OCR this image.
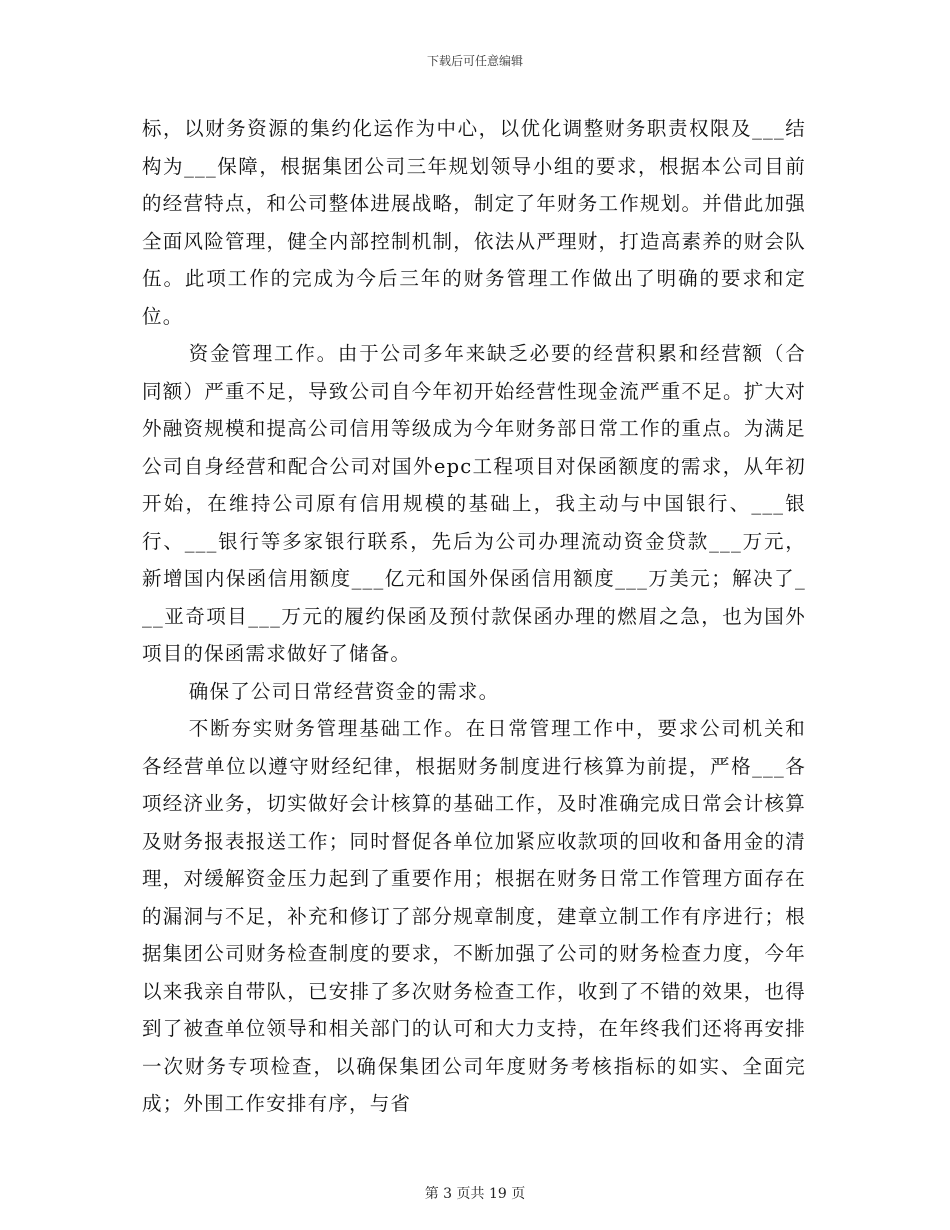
下载后可任意编辑

标，以财务资源的集约化运作为中心，以优化调整财务职责权限及___结构为___保障，根据集团公司三年规划领导小组的要求，根据本公司目前的经营特点，和公司整体进展战略，制定了年财务工作规划。并借此加强全面风险管理，健全内部控制机制，依法从严理财，打造高素养的财会队伍。此项工作的完成为今后三年的财务管理工作做出了明确的要求和定位。

资金管理工作。由于公司多年来缺乏必要的经营积累和经营额（合同额）严重不足，导致公司自今年初开始经营性现金流严重不足。扩大对外融资规模和提高公司信用等级成为今年财务部日常工作的重点。为满足公司自身经营和配合公司对国外epc工程项目对保函额度的需求，从年初开始，在维持公司原有信用规模的基础上，我主动与中国银行、___银行、___银行等多家银行联系，先后为公司办理流动资金贷款___万元，新增国内保函信用额度___亿元和国外保函信用额度___万美元；解决了___亚奇项目___万元的履约保函及预付款保函办理的燃眉之急，也为国外项目的保函需求做好了储备。

确保了公司日常经营资金的需求。

不断夯实财务管理基础工作。在日常管理工作中，要求公司机关和各经营单位以遵守财经纪律，根据财务制度进行核算为前提，严格___各项经济业务，切实做好会计核算的基础工作，及时准确完成日常会计核算及财务报表报送工作；同时督促各单位加紧应收款项的回收和备用金的清理，对缓解资金压力起到了重要作用；根据在财务日常工作管理方面存在的漏洞与不足，补充和修订了部分规章制度，建章立制工作有序进行；根据集团公司财务检查制度的要求，不断加强了公司的财务检查力度，今年以来我亲自带队，已安排了多次财务检查工作，收到了不错的效果，也得到了被查单位领导和相关部门的认可和大力支持，在年终我们还将再安排一次财务专项检查，以确保集团公司年度财务考核指标的如实、全面完成；外围工作安排有序，与省

第 3 页共 19 页
